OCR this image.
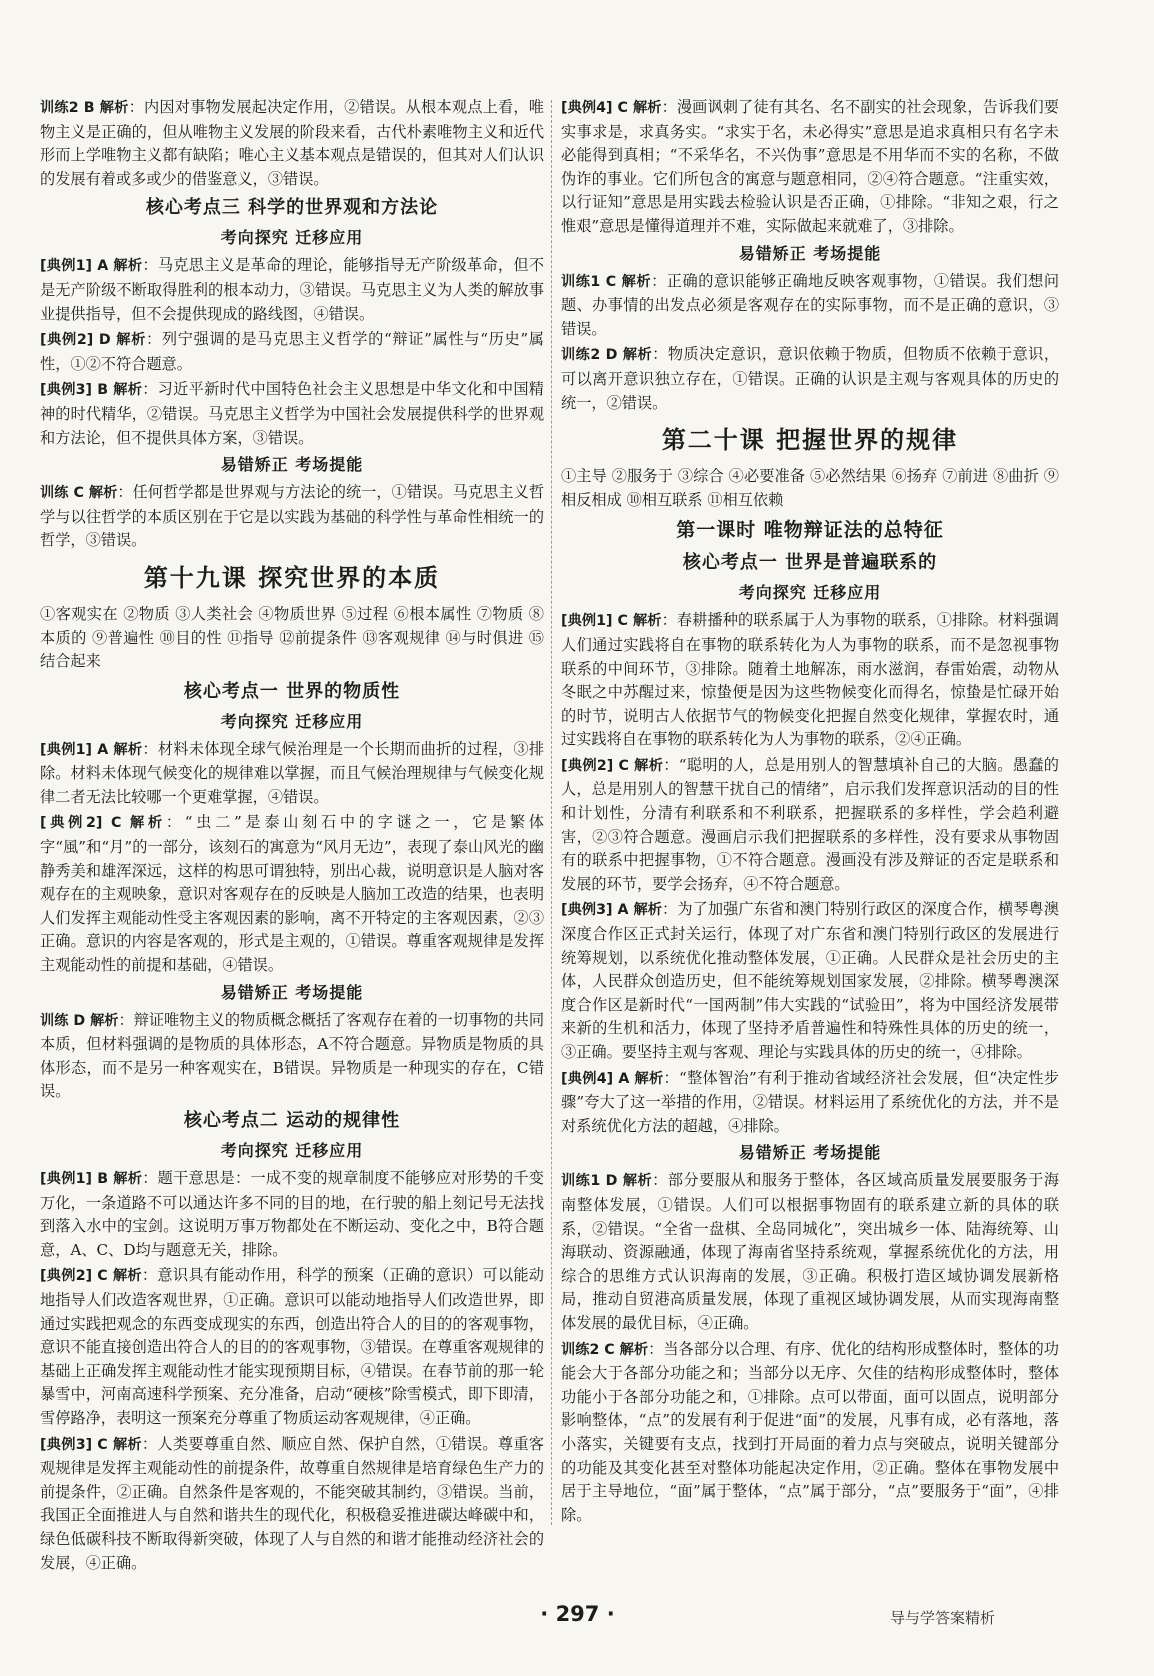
训练2 B 解析：内因对事物发展起决定作用，②错误。从根本观点上看，唯物主义是正确的，但从唯物主义发展的阶段来看，古代朴素唯物主义和近代形而上学唯物主义都有缺陷；唯心主义基本观点是错误的，但其对人们认识的发展有着或多或少的借鉴意义，③错误。

核心考点三 科学的世界观和方法论
考向探究 迁移应用

[典例1] A 解析：马克思主义是革命的理论，能够指导无产阶级革命，但不是无产阶级不断取得胜利的根本动力，③错误。马克思主义为人类的解放事业提供指导，但不会提供现成的路线图，④错误。

[典例2] D 解析：列宁强调的是马克思主义哲学的“辩证”属性与“历史”属性，①②不符合题意。

[典例3] B 解析：习近平新时代中国特色社会主义思想是中华文化和中国精神的时代精华，②错误。马克思主义哲学为中国社会发展提供科学的世界观和方法论，但不提供具体方案，③错误。

易错矫正 考场提能

训练 C 解析：任何哲学都是世界观与方法论的统一，①错误。马克思主义哲学与以往哲学的本质区别在于它是以实践为基础的科学性与革命性相统一的哲学，③错误。

第十九课 探究世界的本质

①客观实在 ②物质 ③人类社会 ④物质世界 ⑤过程 ⑥根本属性 ⑦物质 ⑧本质的 ⑨普遍性 ⑩目的性 ⑪指导 ⑫前提条件 ⑬客观规律 ⑭与时俱进 ⑮结合起来

核心考点一 世界的物质性
考向探究 迁移应用

[典例1] A 解析：材料未体现全球气候治理是一个长期而曲折的过程，③排除。材料未体现气候变化的规律难以掌握，而且气候治理规律与气候变化规律二者无法比较哪一个更难掌握，④错误。

[典例2] C 解析：“虫二”是泰山刻石中的字谜之一，它是繁体字“風”和“月”的一部分，该刻石的寓意为“风月无边”，表现了泰山风光的幽静秀美和雄浑深远，这样的构思可谓独特，别出心裁，说明意识是人脑对客观存在的主观映象，意识对客观存在的反映是人脑加工改造的结果，也表明人们发挥主观能动性受主客观因素的影响，离不开特定的主客观因素，②③正确。意识的内容是客观的，形式是主观的，①错误。尊重客观规律是发挥主观能动性的前提和基础，④错误。

易错矫正 考场提能

训练 D 解析：辩证唯物主义的物质概念概括了客观存在着的一切事物的共同本质，但材料强调的是物质的具体形态，A不符合题意。异物质是物质的具体形态，而不是另一种客观实在，B错误。异物质是一种现实的存在，C错误。

核心考点二 运动的规律性
考向探究 迁移应用

[典例1] B 解析：题干意思是：一成不变的规章制度不能够应对形势的千变万化，一条道路不可以通达许多不同的目的地，在行驶的船上刻记号无法找到落入水中的宝剑。这说明万事万物都处在不断运动、变化之中，B符合题意，A、C、D均与题意无关，排除。

[典例2] C 解析：意识具有能动作用，科学的预案（正确的意识）可以能动地指导人们改造客观世界，①正确。意识可以能动地指导人们改造世界，即通过实践把观念的东西变成现实的东西，创造出符合人的目的的客观事物，意识不能直接创造出符合人的目的的客观事物，③错误。在尊重客观规律的基础上正确发挥主观能动性才能实现预期目标，④错误。在春节前的那一轮暴雪中，河南高速科学预案、充分准备，启动“硬核”除雪模式，即下即清，雪停路净，表明这一预案充分尊重了物质运动客观规律，④正确。

[典例3] C 解析：人类要尊重自然、顺应自然、保护自然，①错误。尊重客观规律是发挥主观能动性的前提条件，故尊重自然规律是培育绿色生产力的前提条件，②正确。自然条件是客观的，不能突破其制约，③错误。当前，我国正全面推进人与自然和谐共生的现代化，积极稳妥推进碳达峰碳中和，绿色低碳科技不断取得新突破，体现了人与自然的和谐才能推动经济社会的发展，④正确。

[典例4] C 解析：漫画讽刺了徒有其名、名不副实的社会现象，告诉我们要实事求是，求真务实。“求实于名，未必得实”意思是追求真相只有名字未必能得到真相；“不采华名，不兴伪事”意思是不用华而不实的名称，不做伪诈的事业。它们所包含的寓意与题意相同，②④符合题意。“注重实效，以行证知”意思是用实践去检验认识是否正确，①排除。“非知之艰，行之惟艰”意思是懂得道理并不难，实际做起来就难了，③排除。

易错矫正 考场提能

训练1 C 解析：正确的意识能够正确地反映客观事物，①错误。我们想问题、办事情的出发点必须是客观存在的实际事物，而不是正确的意识，③错误。

训练2 D 解析：物质决定意识，意识依赖于物质，但物质不依赖于意识，可以离开意识独立存在，①错误。正确的认识是主观与客观具体的历史的统一，②错误。

第二十课 把握世界的规律

①主导 ②服务于 ③综合 ④必要准备 ⑤必然结果 ⑥扬弃 ⑦前进 ⑧曲折 ⑨相反相成 ⑩相互联系 ⑪相互依赖

第一课时 唯物辩证法的总特征
核心考点一 世界是普遍联系的
考向探究 迁移应用

[典例1] C 解析：春耕播种的联系属于人为事物的联系，①排除。材料强调人们通过实践将自在事物的联系转化为人为事物的联系，而不是忽视事物联系的中间环节，③排除。随着土地解冻，雨水滋润，春雷始震，动物从冬眠之中苏醒过来，惊蛰便是因为这些物候变化而得名，惊蛰是忙碌开始的时节，说明古人依据节气的物候变化把握自然变化规律，掌握农时，通过实践将自在事物的联系转化为人为事物的联系，②④正确。

[典例2] C 解析：“聪明的人，总是用别人的智慧填补自己的大脑。愚蠢的人，总是用别人的智慧干扰自己的情绪”，启示我们发挥意识活动的目的性和计划性，分清有利联系和不利联系，把握联系的多样性，学会趋利避害，②③符合题意。漫画启示我们把握联系的多样性，没有要求从事物固有的联系中把握事物，①不符合题意。漫画没有涉及辩证的否定是联系和发展的环节，要学会扬弃，④不符合题意。

[典例3] A 解析：为了加强广东省和澳门特别行政区的深度合作，横琴粤澳深度合作区正式封关运行，体现了对广东省和澳门特别行政区的发展进行统筹规划，以系统优化推动整体发展，①正确。人民群众是社会历史的主体，人民群众创造历史，但不能统筹规划国家发展，②排除。横琴粤澳深度合作区是新时代“一国两制”伟大实践的“试验田”，将为中国经济发展带来新的生机和活力，体现了坚持矛盾普遍性和特殊性具体的历史的统一，③正确。要坚持主观与客观、理论与实践具体的历史的统一，④排除。

[典例4] A 解析：“整体智治”有利于推动省域经济社会发展，但“决定性步骤”夸大了这一举措的作用，②错误。材料运用了系统优化的方法，并不是对系统优化方法的超越，④排除。

易错矫正 考场提能

训练1 D 解析：部分要服从和服务于整体，各区域高质量发展要服务于海南整体发展，①错误。人们可以根据事物固有的联系建立新的具体的联系，②错误。“全省一盘棋、全岛同城化”，突出城乡一体、陆海统筹、山海联动、资源融通，体现了海南省坚持系统观，掌握系统优化的方法，用综合的思维方式认识海南的发展，③正确。积极打造区域协调发展新格局，推动自贸港高质量发展，体现了重视区域协调发展，从而实现海南整体发展的最优目标，④正确。

训练2 C 解析：当各部分以合理、有序、优化的结构形成整体时，整体的功能会大于各部分功能之和；当部分以无序、欠佳的结构形成整体时，整体功能小于各部分功能之和，①排除。点可以带面，面可以固点，说明部分影响整体，“点”的发展有利于促进“面”的发展，凡事有成，必有落地，落小落实，关键要有支点，找到打开局面的着力点与突破点，说明关键部分的功能及其变化甚至对整体功能起决定作用，②正确。整体在事物发展中居于主导地位，“面”属于整体，“点”属于部分，“点”要服务于“面”，④排除。

· 297 ·	导与学答案精析
